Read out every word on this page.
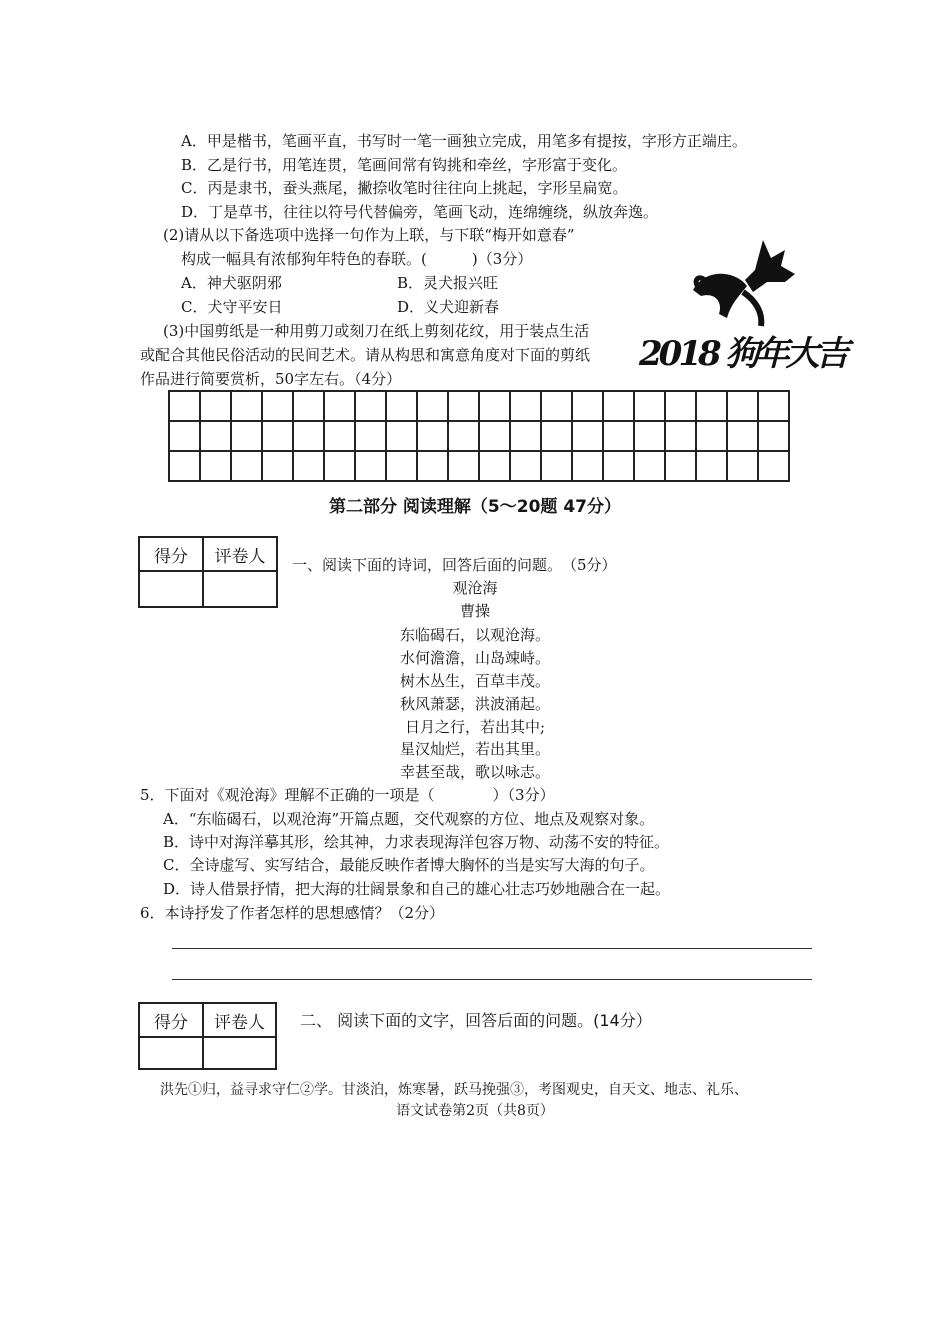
A．甲是楷书，笔画平直，书写时一笔一画独立完成，用笔多有提按，字形方正端庄。
B．乙是行书，用笔连贯，笔画间常有钩挑和牵丝，字形富于变化。
C．丙是隶书，蚕头燕尾，撇捺收笔时往往向上挑起，字形呈扁宽。
D．丁是草书，往往以符号代替偏旁，笔画飞动，连绵缠绕，纵放奔逸。
(2)请从以下备选项中选择一句作为上联，与下联“梅开如意春”
构成一幅具有浓郁狗年特色的春联。(　　　)（3分）
A．神犬驱阴邪	B．灵犬报兴旺
C．犬守平安日	D．义犬迎新春
(3)中国剪纸是一种用剪刀或刻刀在纸上剪刻花纹，用于装点生活
或配合其他民俗活动的民间艺术。请从构思和寓意角度对下面的剪纸
作品进行简要赏析，50字左右。（4分）
2018 狗年大吉
第二部分 阅读理解（5～20题 47分）
得分	评卷人
	一、阅读下面的诗词，回答后面的问题。　（5分）
观沧海
曹操
东临碣石，以观沧海。
水何澹澹，山岛竦峙。
树木丛生，百草丰茂。
秋风萧瑟，洪波涌起。
日月之行，若出其中;
星汉灿烂，若出其里。
幸甚至哉，歌以咏志。
5．下面对《观沧海》理解不正确的一项是（	）（3分）
A．“东临碣石，以观沧海”开篇点题，交代观察的方位、地点及观察对象。
B．诗中对海洋摹其形，绘其神，力求表现海洋包容万物、动荡不安的特征。
C．全诗虚写、实写结合，最能反映作者博大胸怀的当是实写大海的句子。
D．诗人借景抒情，把大海的壮阔景象和自己的雄心壮志巧妙地融合在一起。
6．本诗抒发了作者怎样的思想感情？（2分）
得分	评卷人
	二、 阅读下面的文字，回答后面的问题。(14分）
洪先①归，益寻求守仁②学。甘淡泊，炼寒暑，跃马挽强③，考图观史，自天文、地志、礼乐、
语文试卷第2页（共8页）
